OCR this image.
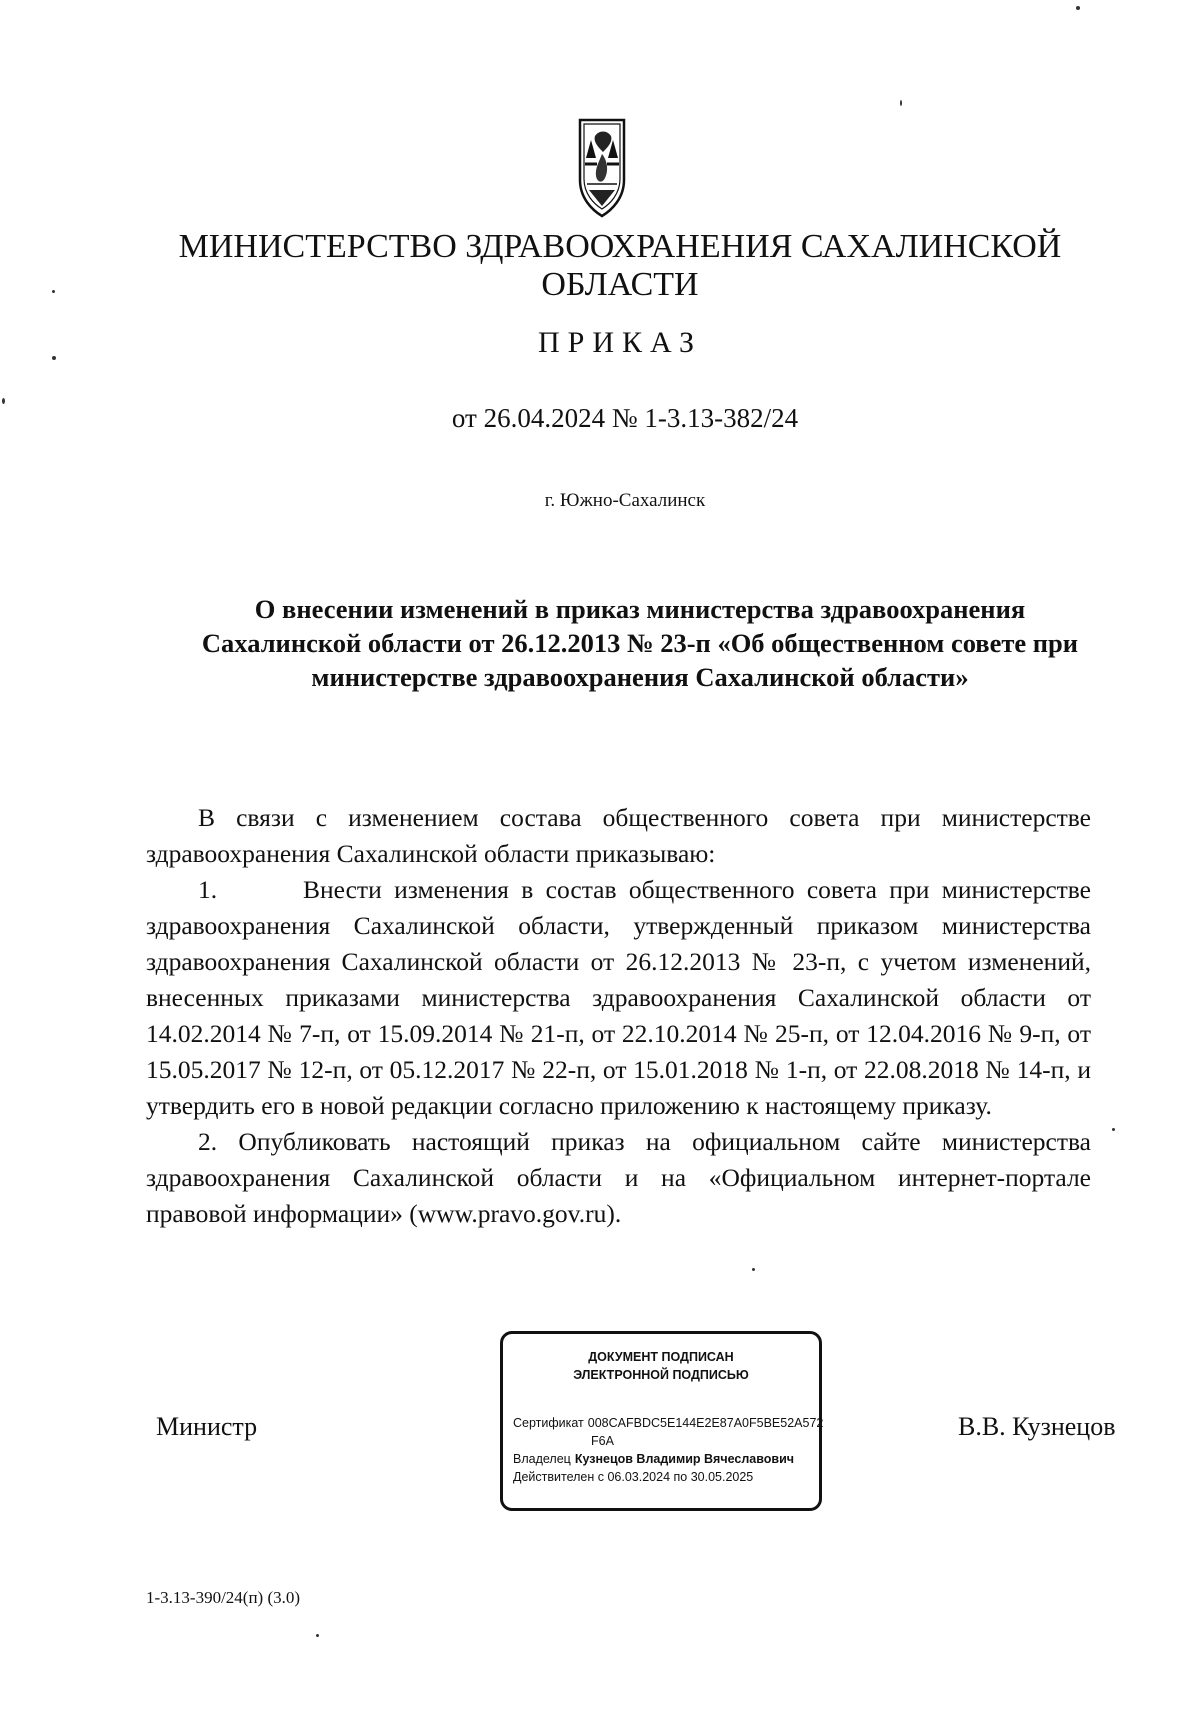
МИНИСТЕРСТВО ЗДРАВООХРАНЕНИЯ САХАЛИНСКОЙ
ОБЛАСТИ
ПРИКАЗ
от 26.04.2024 № 1-3.13-382/24
г. Южно-Сахалинск
О внесении изменений в приказ министерства здравоохранения
Сахалинской области от 26.12.2013 № 23-п «Об общественном совете при
министерстве здравоохранения Сахалинской области»

В связи с изменением состава общественного совета при министерстве здравоохранения Сахалинской области приказываю:

1.	Внести изменения в состав общественного совета при министерстве здравоохранения Сахалинской области, утвержденный приказом министерства здравоохранения Сахалинской области от 26.12.2013 № 23-п, с учетом изменений, внесенных приказами министерства здравоохранения Сахалинской области от 14.02.2014 № 7-п, от 15.09.2014 № 21-п, от 22.10.2014 № 25-п, от 12.04.2016 № 9-п, от 15.05.2017 № 12-п, от 05.12.2017 № 22-п, от 15.01.2018 № 1-п, от 22.08.2018 № 14-п, и утвердить его в новой редакции согласно приложению к настоящему приказу.

2. Опубликовать настоящий приказ на официальном сайте министерства здравоохранения Сахалинской области и на «Официальном интернет-портале правовой информации» (www.pravo.gov.ru).

Министр
ДОКУМЕНТ ПОДПИСАН
ЭЛЕКТРОННОЙ ПОДПИСЬЮ
Сертификат 008CAFBDC5E144E2E87A0F5BE52A572
F6A
Владелец Кузнецов Владимир Вячеславович
Действителен с 06.03.2024 по 30.05.2025
В.В. Кузнецов
1-3.13-390/24(п) (3.0)
